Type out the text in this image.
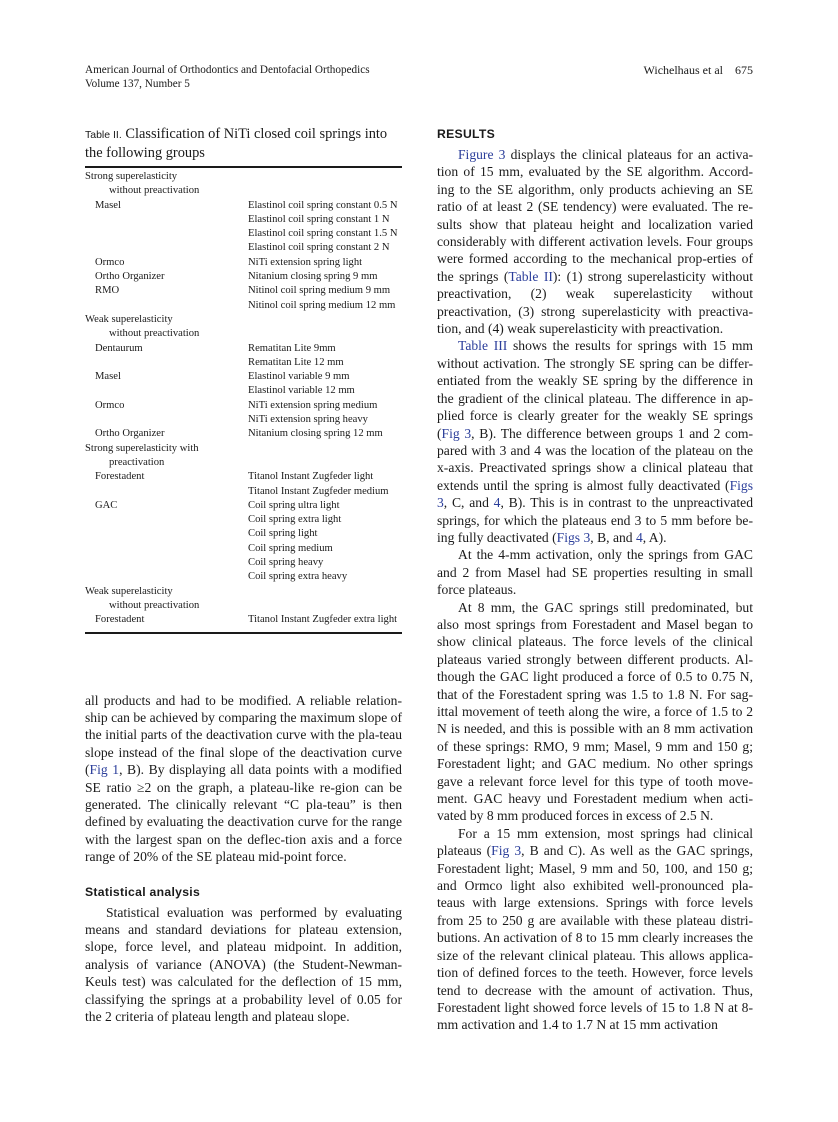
American Journal of Orthodontics and Dentofacial Orthopedics
Volume 137, Number 5
Wichelhaus et al 675

Table II. Classification of NiTi closed coil springs into the following groups

Strong superelasticity	
without preactivation	
Masel	Elastinol coil spring constant 0.5 N
	Elastinol coil spring constant 1 N
	Elastinol coil spring constant 1.5 N
	Elastinol coil spring constant 2 N
Ormco	NiTi extension spring light
Ortho Organizer	Nitanium closing spring 9 mm
RMO	Nitinol coil spring medium 9 mm
	Nitinol coil spring medium 12 mm
Weak superelasticity	
without preactivation	
Dentaurum	Rematitan Lite 9mm
	Rematitan Lite 12 mm
Masel	Elastinol variable 9 mm
	Elastinol variable 12 mm
Ormco	NiTi extension spring medium
	NiTi extension spring heavy
Ortho Organizer	Nitanium closing spring 12 mm
Strong superelasticity with	
preactivation	
Forestadent	Titanol Instant Zugfeder light
	Titanol Instant Zugfeder medium
GAC	Coil spring ultra light
	Coil spring extra light
	Coil spring light
	Coil spring medium
	Coil spring heavy
	Coil spring extra heavy
Weak superelasticity	
without preactivation	
Forestadent	Titanol Instant Zugfeder extra light

all products and had to be modified. A reliable relation-ship can be achieved by comparing the maximum slope of the initial parts of the deactivation curve with the pla-teau slope instead of the final slope of the deactivation curve (Fig 1, B). By displaying all data points with a modified SE ratio ≥2 on the graph, a plateau-like re-gion can be generated. The clinically relevant “C pla-teau” is then defined by evaluating the deactivation curve for the range with the largest span on the deflec-tion axis and a force range of 20% of the SE plateau mid-point force.

Statistical analysis

Statistical evaluation was performed by evaluating means and standard deviations for plateau extension, slope, force level, and plateau midpoint. In addition, analysis of variance (ANOVA) (the Student-Newman-Keuls test) was calculated for the deflection of 15 mm, classifying the springs at a probability level of 0.05 for the 2 criteria of plateau length and plateau slope.

RESULTS

Figure 3 displays the clinical plateaus for an activa-tion of 15 mm, evaluated by the SE algorithm. Accord-ing to the SE algorithm, only products achieving an SE ratio of at least 2 (SE tendency) were evaluated. The re-sults show that plateau height and localization varied considerably with different activation levels. Four groups were formed according to the mechanical prop-erties of the springs (Table II): (1) strong superelasticity without preactivation, (2) weak superelasticity without preactivation, (3) strong superelasticity with preactiva-tion, and (4) weak superelasticity with preactivation.

Table III shows the results for springs with 15 mm without activation. The strongly SE spring can be differ-entiated from the weakly SE spring by the difference in the gradient of the clinical plateau. The difference in ap-plied force is clearly greater for the weakly SE springs (Fig 3, B). The difference between groups 1 and 2 com-pared with 3 and 4 was the location of the plateau on the x-axis. Preactivated springs show a clinical plateau that extends until the spring is almost fully deactivated (Figs 3, C, and 4, B). This is in contrast to the unpreactivated springs, for which the plateaus end 3 to 5 mm before be-ing fully deactivated (Figs 3, B, and 4, A).

At the 4-mm activation, only the springs from GAC and 2 from Masel had SE properties resulting in small force plateaus.

At 8 mm, the GAC springs still predominated, but also most springs from Forestadent and Masel began to show clinical plateaus. The force levels of the clinical plateaus varied strongly between different products. Al-though the GAC light produced a force of 0.5 to 0.75 N, that of the Forestadent spring was 1.5 to 1.8 N. For sag-ittal movement of teeth along the wire, a force of 1.5 to 2 N is needed, and this is possible with an 8 mm activation of these springs: RMO, 9 mm; Masel, 9 mm and 150 g; Forestadent light; and GAC medium. No other springs gave a relevant force level for this type of tooth move-ment. GAC heavy und Forestadent medium when acti-vated by 8 mm produced forces in excess of 2.5 N.

For a 15 mm extension, most springs had clinical plateaus (Fig 3, B and C). As well as the GAC springs, Forestadent light; Masel, 9 mm and 50, 100, and 150 g; and Ormco light also exhibited well-pronounced pla-teaus with large extensions. Springs with force levels from 25 to 250 g are available with these plateau distri-butions. An activation of 8 to 15 mm clearly increases the size of the relevant clinical plateau. This allows applica-tion of defined forces to the teeth. However, force levels tend to decrease with the amount of activation. Thus, Forestadent light showed force levels of 15 to 1.8 N at 8-mm activation and 1.4 to 1.7 N at 15 mm activation
